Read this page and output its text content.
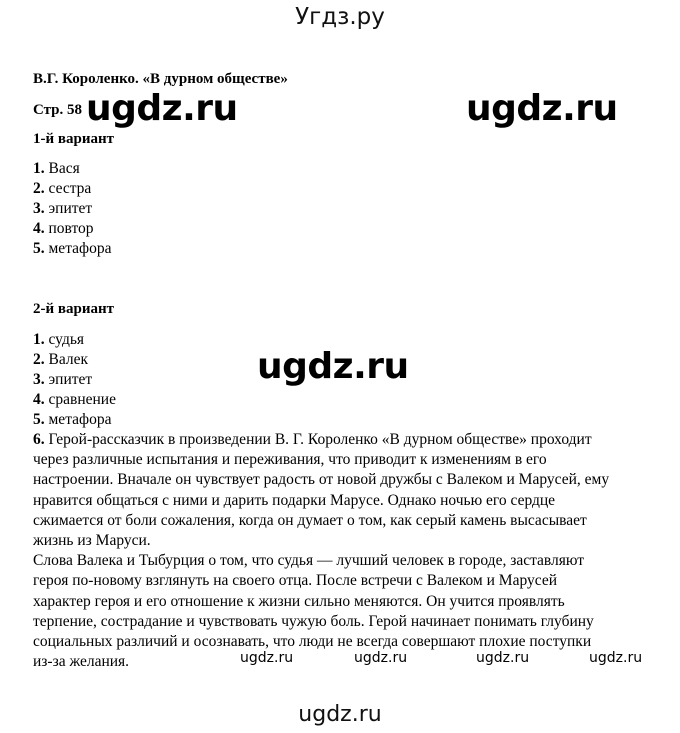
Угдз.ру
В.Г. Короленко. «В дурном обществе»
Стр. 58 ugdz.ru	ugdz.ru
1-й вариант
1. Вася
2. сестра
3. эпитет
4. повтор
5. метафора
2-й вариант
1. судья
2. Валек
3. эпитет
4. сравнение
5. метафора
ugdz.ru
6. Герой-рассказчик в произведении В. Г. Короленко «В дурном обществе» проходит
через различные испытания и переживания, что приводит к изменениям в его
настроении. Вначале он чувствует радость от новой дружбы с Валеком и Марусей, ему
нравится общаться с ними и дарить подарки Марусе. Однако ночью его сердце
сжимается от боли сожаления, когда он думает о том, как серый камень высасывает
жизнь из Маруси.
Слова Валека и Тыбурция о том, что судья — лучший человек в городе, заставляют
героя по-новому взглянуть на своего отца. После встречи с Валеком и Марусей
характер героя и его отношение к жизни сильно меняются. Он учится проявлять
терпение, сострадание и чувствовать чужую боль. Герой начинает понимать глубину
социальных различий и осознавать, что люди не всегда совершают плохие поступки
из-за желания.	ugdz.ru	ugdz.ru	ugdz.ru	ugdz.ru
ugdz.ru
